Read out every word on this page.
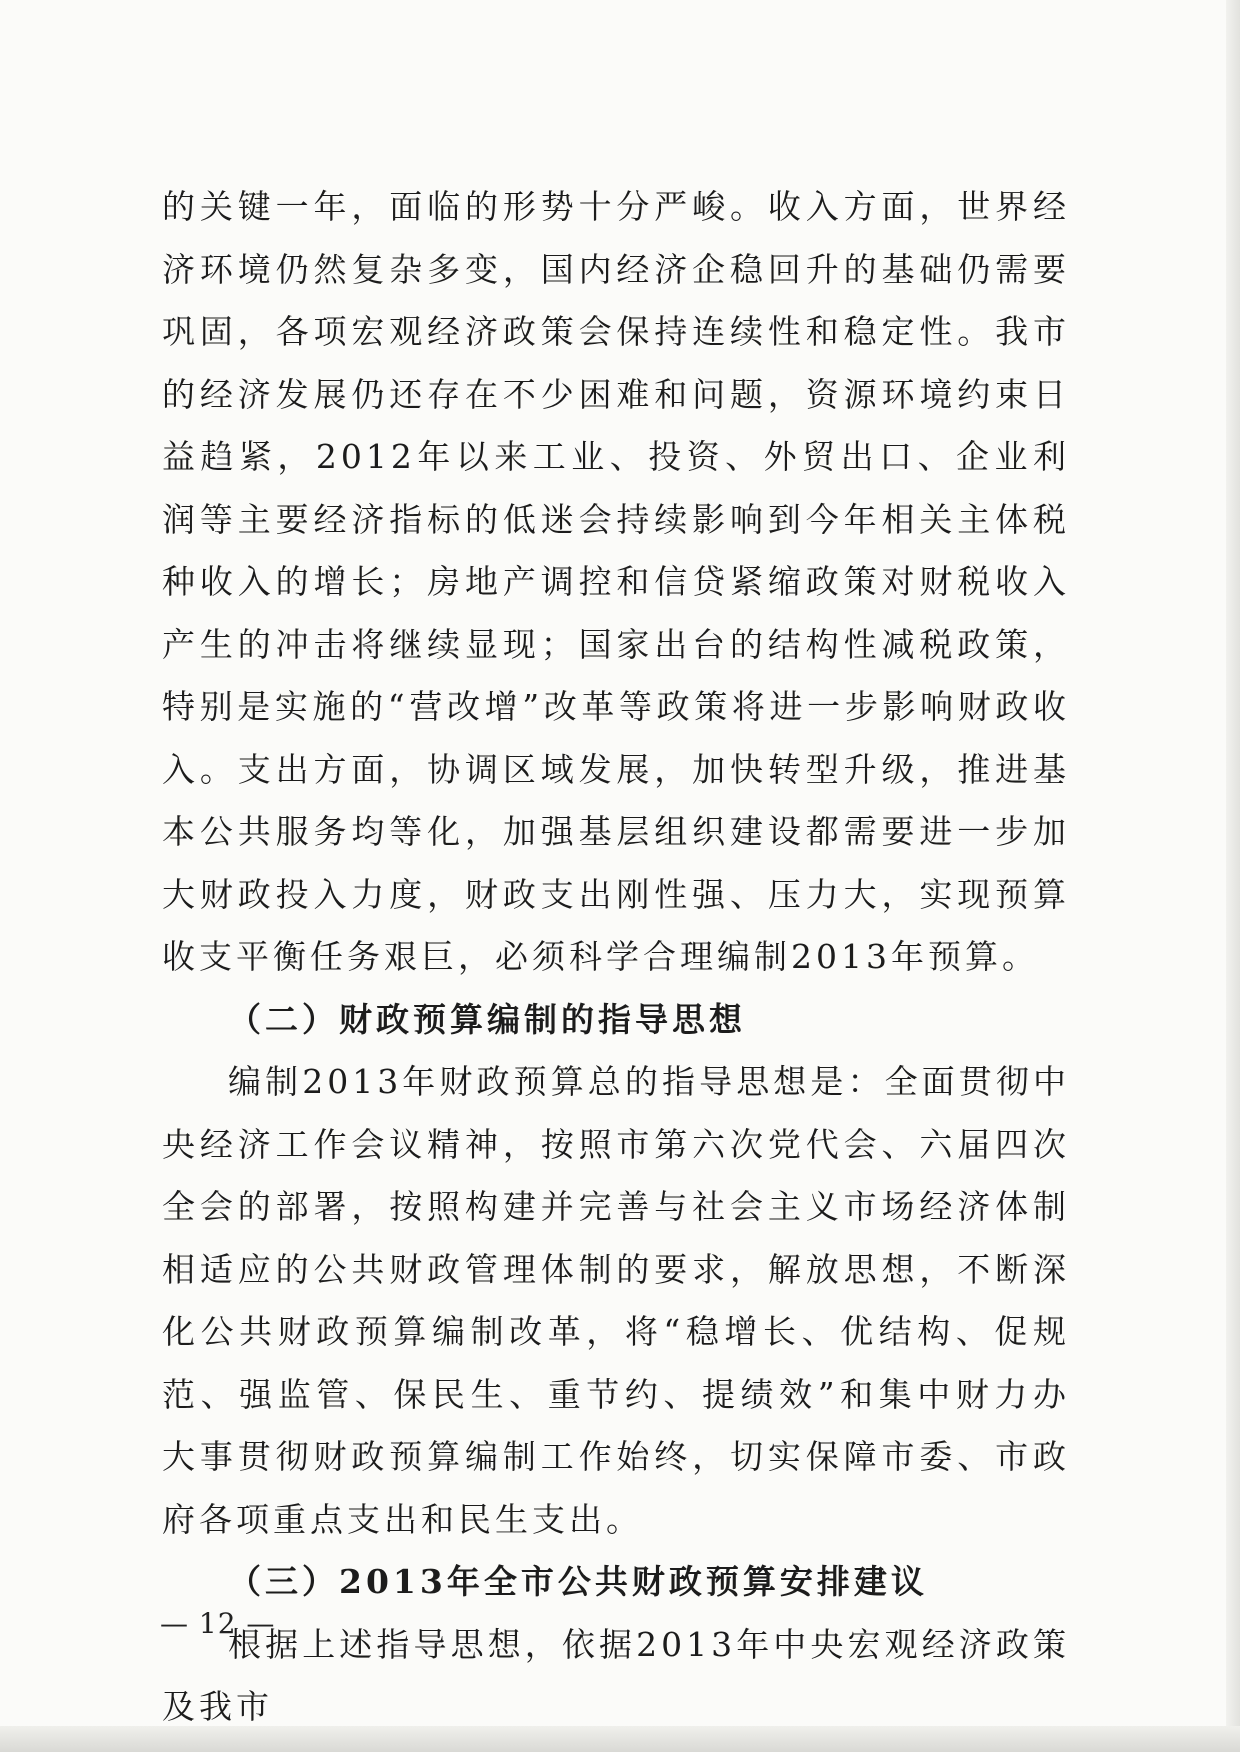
的关键一年，面临的形势十分严峻。收入方面，世界经济环境仍然复杂多变，国内经济企稳回升的基础仍需要巩固，各项宏观经济政策会保持连续性和稳定性。我市的经济发展仍还存在不少困难和问题，资源环境约束日益趋紧，2012年以来工业、投资、外贸出口、企业利润等主要经济指标的低迷会持续影响到今年相关主体税种收入的增长；房地产调控和信贷紧缩政策对财税收入产生的冲击将继续显现；国家出台的结构性减税政策，特别是实施的“营改增”改革等政策将进一步影响财政收入。支出方面，协调区域发展，加快转型升级，推进基本公共服务均等化，加强基层组织建设都需要进一步加大财政投入力度，财政支出刚性强、压力大，实现预算收支平衡任务艰巨，必须科学合理编制2013年预算。

（二）财政预算编制的指导思想

编制2013年财政预算总的指导思想是：全面贯彻中央经济工作会议精神，按照市第六次党代会、六届四次全会的部署，按照构建并完善与社会主义市场经济体制相适应的公共财政管理体制的要求，解放思想，不断深化公共财政预算编制改革，将“稳增长、优结构、促规范、强监管、保民生、重节约、提绩效”和集中财力办大事贯彻财政预算编制工作始终，切实保障市委、市政府各项重点支出和民生支出。

（三）2013年全市公共财政预算安排建议

根据上述指导思想，依据2013年中央宏观经济政策及我市

— 12 —
